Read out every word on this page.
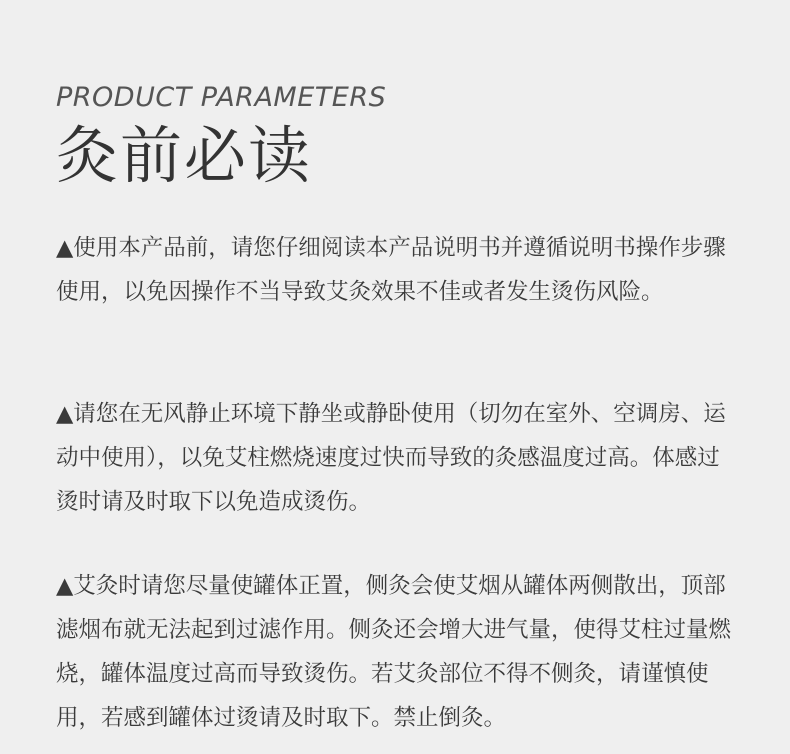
PRODUCT PARAMETERS
灸前必读
▲使用本产品前，请您仔细阅读本产品说明书并遵循说明书操作步骤使用，以免因操作不当导致艾灸效果不佳或者发生烫伤风险。
▲请您在无风静止环境下静坐或静卧使用（切勿在室外、空调房、运动中使用），以免艾柱燃烧速度过快而导致的灸感温度过高。体感过烫时请及时取下以免造成烫伤。
▲艾灸时请您尽量使罐体正置，侧灸会使艾烟从罐体两侧散出，顶部滤烟布就无法起到过滤作用。侧灸还会增大进气量，使得艾柱过量燃烧，罐体温度过高而导致烫伤。若艾灸部位不得不侧灸，请谨慎使用，若感到罐体过烫请及时取下。禁止倒灸。
